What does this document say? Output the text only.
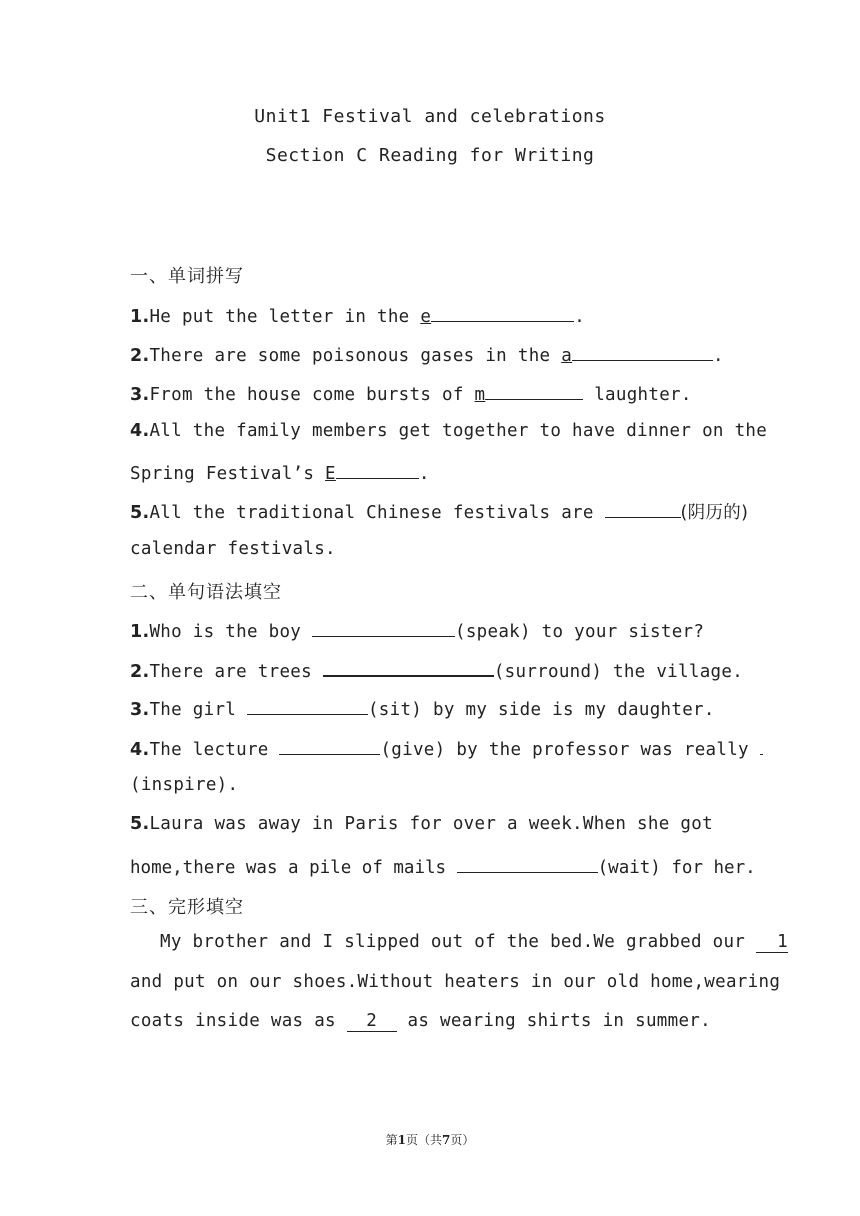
Unit1 Festival and celebrations
Section C Reading for Writing
一、单词拼写
1.He put the letter in the e	.
2.There are some poisonous gases in the a	.
3.From the house come bursts of m	laughter.
4.All the family members get together to have dinner on the
Spring Festival’s E	.
5.All the traditional Chinese festivals are	(阴历的)
calendar festivals.
二、单句语法填空
1.Who is the boy	(speak) to your sister?
2.There are trees	(surround) the village.
3.The girl	(sit) by my side is my daughter.
4.The lecture	(give) by the professor was really
(inspire).
5.Laura was away in Paris for over a week.When she got
home,there was a pile of mails	(wait) for her.
三、完形填空
My brother and I slipped out of the bed.We grabbed our 1
and put on our shoes.Without heaters in our old home,wearing
coats inside was as 2 as wearing shirts in summer.
第1页（共7页）
